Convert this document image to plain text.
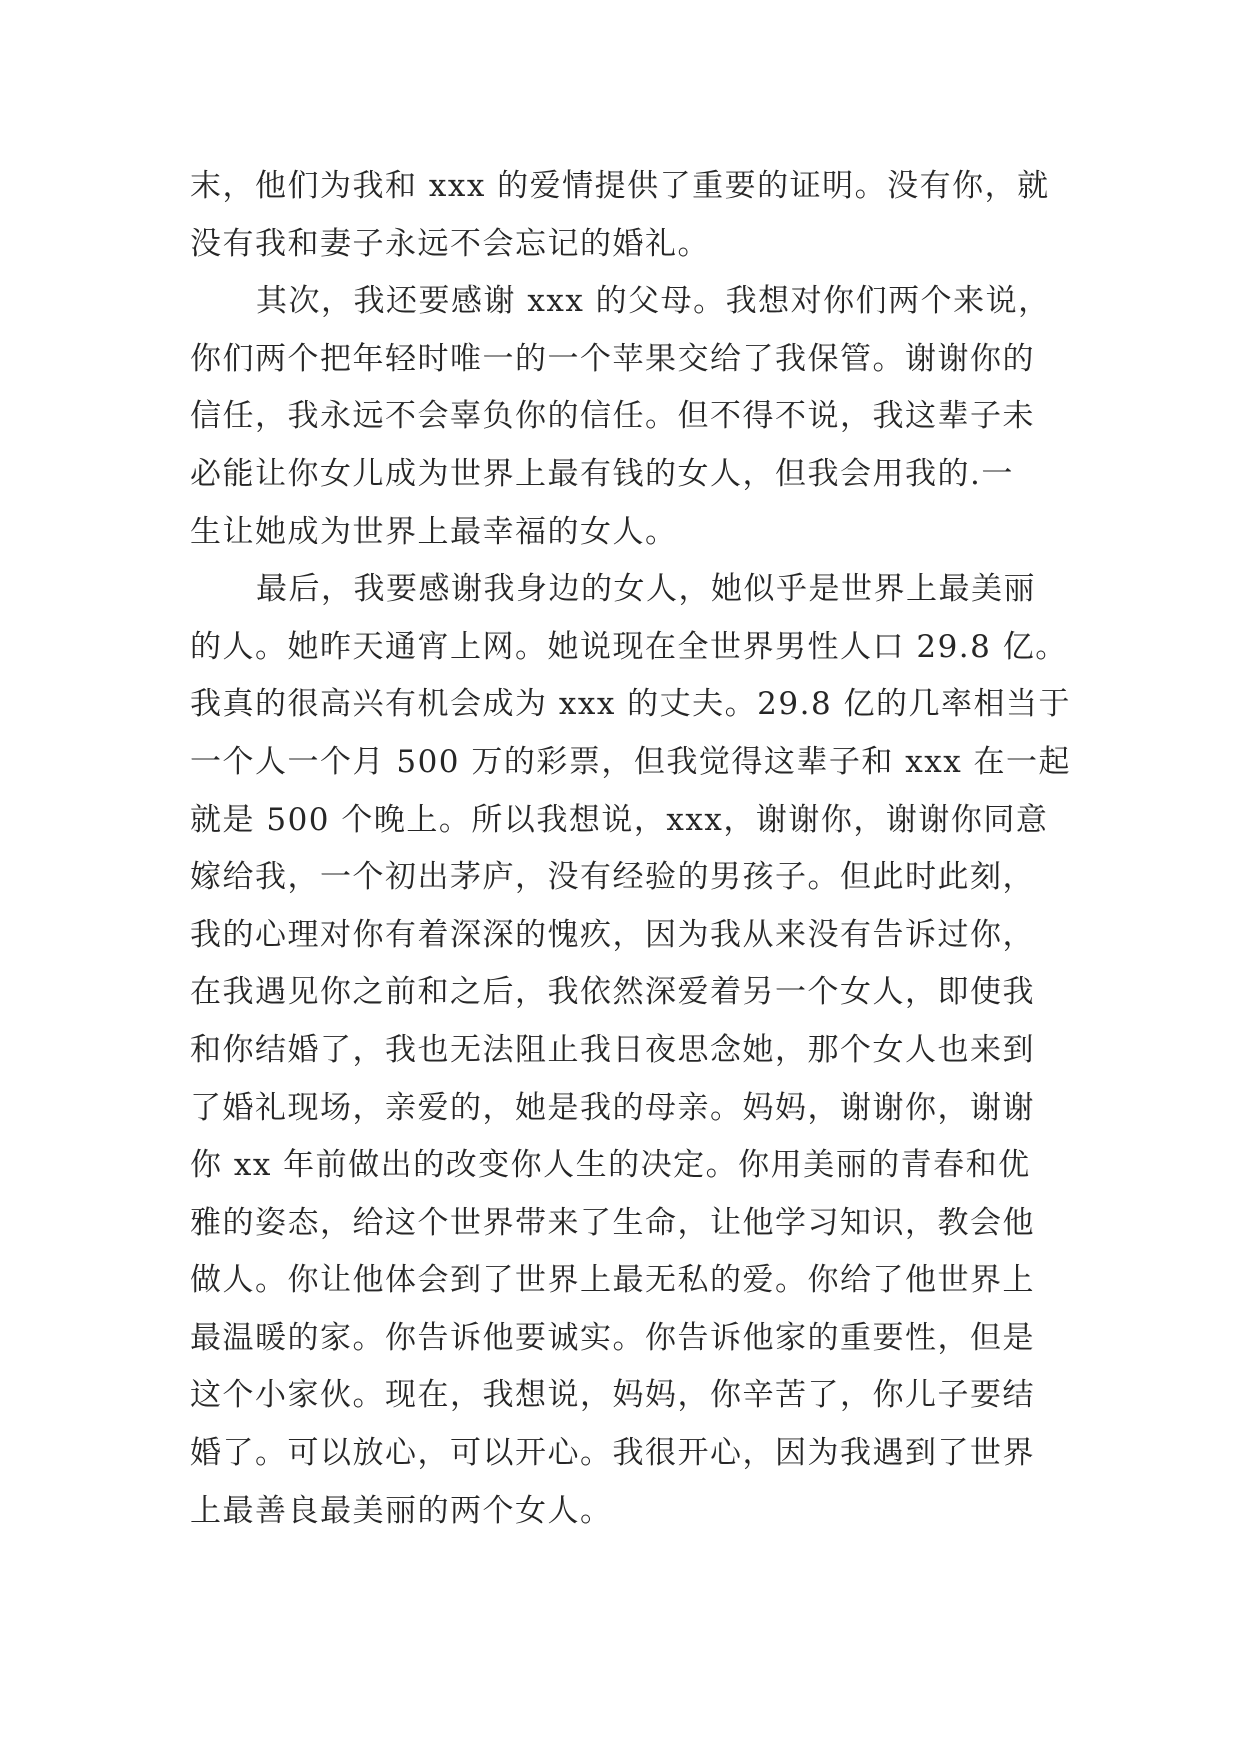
末，他们为我和 xxx 的爱情提供了重要的证明。没有你，就
没有我和妻子永远不会忘记的婚礼。
其次，我还要感谢 xxx 的父母。我想对你们两个来说，
你们两个把年轻时唯一的一个苹果交给了我保管。谢谢你的
信任，我永远不会辜负你的信任。但不得不说，我这辈子未
必能让你女儿成为世界上最有钱的女人，但我会用我的.一
生让她成为世界上最幸福的女人。
最后，我要感谢我身边的女人，她似乎是世界上最美丽
的人。她昨天通宵上网。她说现在全世界男性人口 29.8 亿。
我真的很高兴有机会成为 xxx 的丈夫。29.8 亿的几率相当于
一个人一个月 500 万的彩票，但我觉得这辈子和 xxx 在一起
就是 500 个晚上。所以我想说，xxx，谢谢你，谢谢你同意
嫁给我，一个初出茅庐，没有经验的男孩子。但此时此刻，
我的心理对你有着深深的愧疚，因为我从来没有告诉过你，
在我遇见你之前和之后，我依然深爱着另一个女人，即使我
和你结婚了，我也无法阻止我日夜思念她，那个女人也来到
了婚礼现场，亲爱的，她是我的母亲。妈妈，谢谢你，谢谢
你 xx 年前做出的改变你人生的决定。你用美丽的青春和优
雅的姿态，给这个世界带来了生命，让他学习知识，教会他
做人。你让他体会到了世界上最无私的爱。你给了他世界上
最温暖的家。你告诉他要诚实。你告诉他家的重要性，但是
这个小家伙。现在，我想说，妈妈，你辛苦了，你儿子要结
婚了。可以放心，可以开心。我很开心，因为我遇到了世界
上最善良最美丽的两个女人。
